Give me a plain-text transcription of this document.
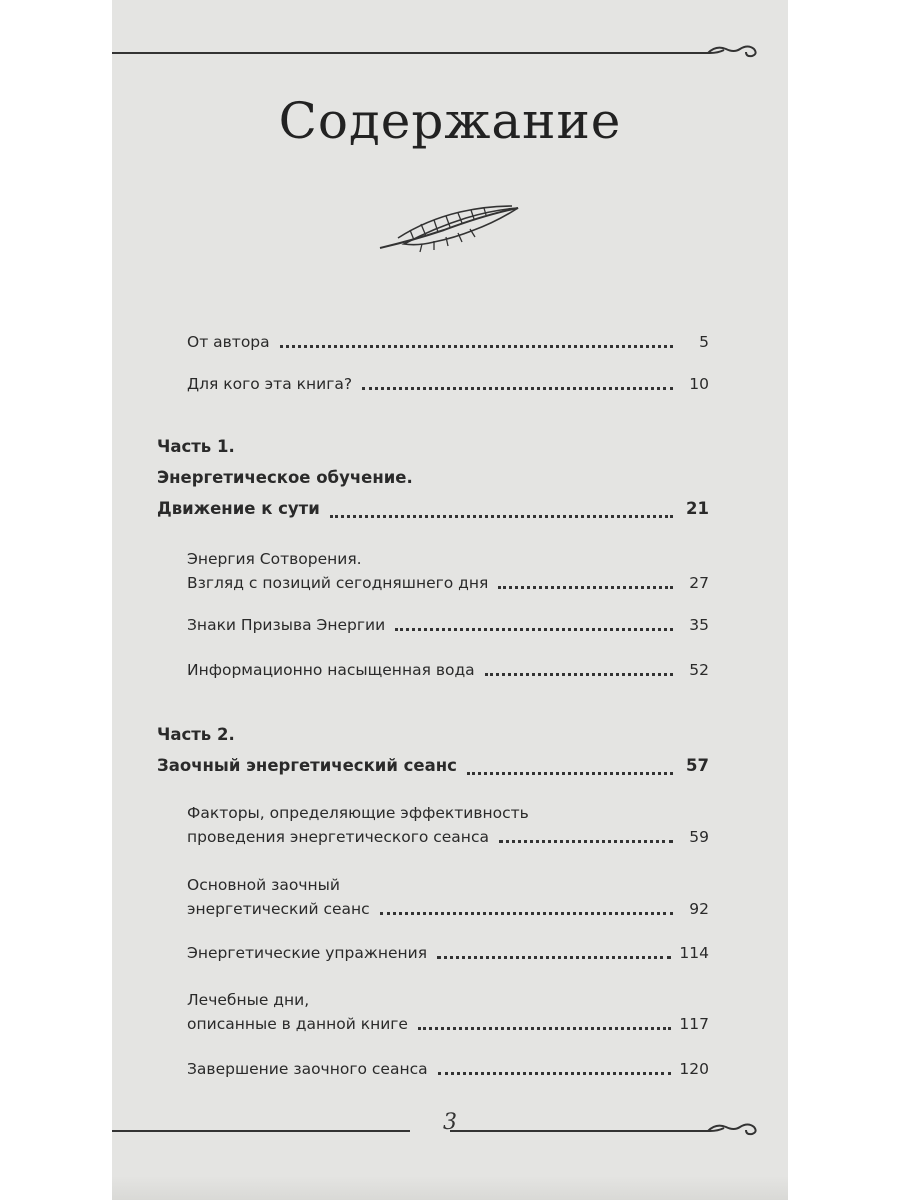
Содержание
От автора	5
Для кого эта книга?	10
Часть 1.
Энергетическое обучение.
Движение к сути	21
Энергия Сотворения.
Взгляд с позиций сегодняшнего дня	27
Знаки Призыва Энергии	35
Информационно насыщенная вода	52
Часть 2.
Заочный энергетический сеанс	57
Факторы, определяющие эффективность
проведения энергетического сеанса	59
Основной заочный
энергетический сеанс	92
Энергетические упражнения	114
Лечебные дни,
описанные в данной книге	117
Завершение заочного сеанса	120
3
